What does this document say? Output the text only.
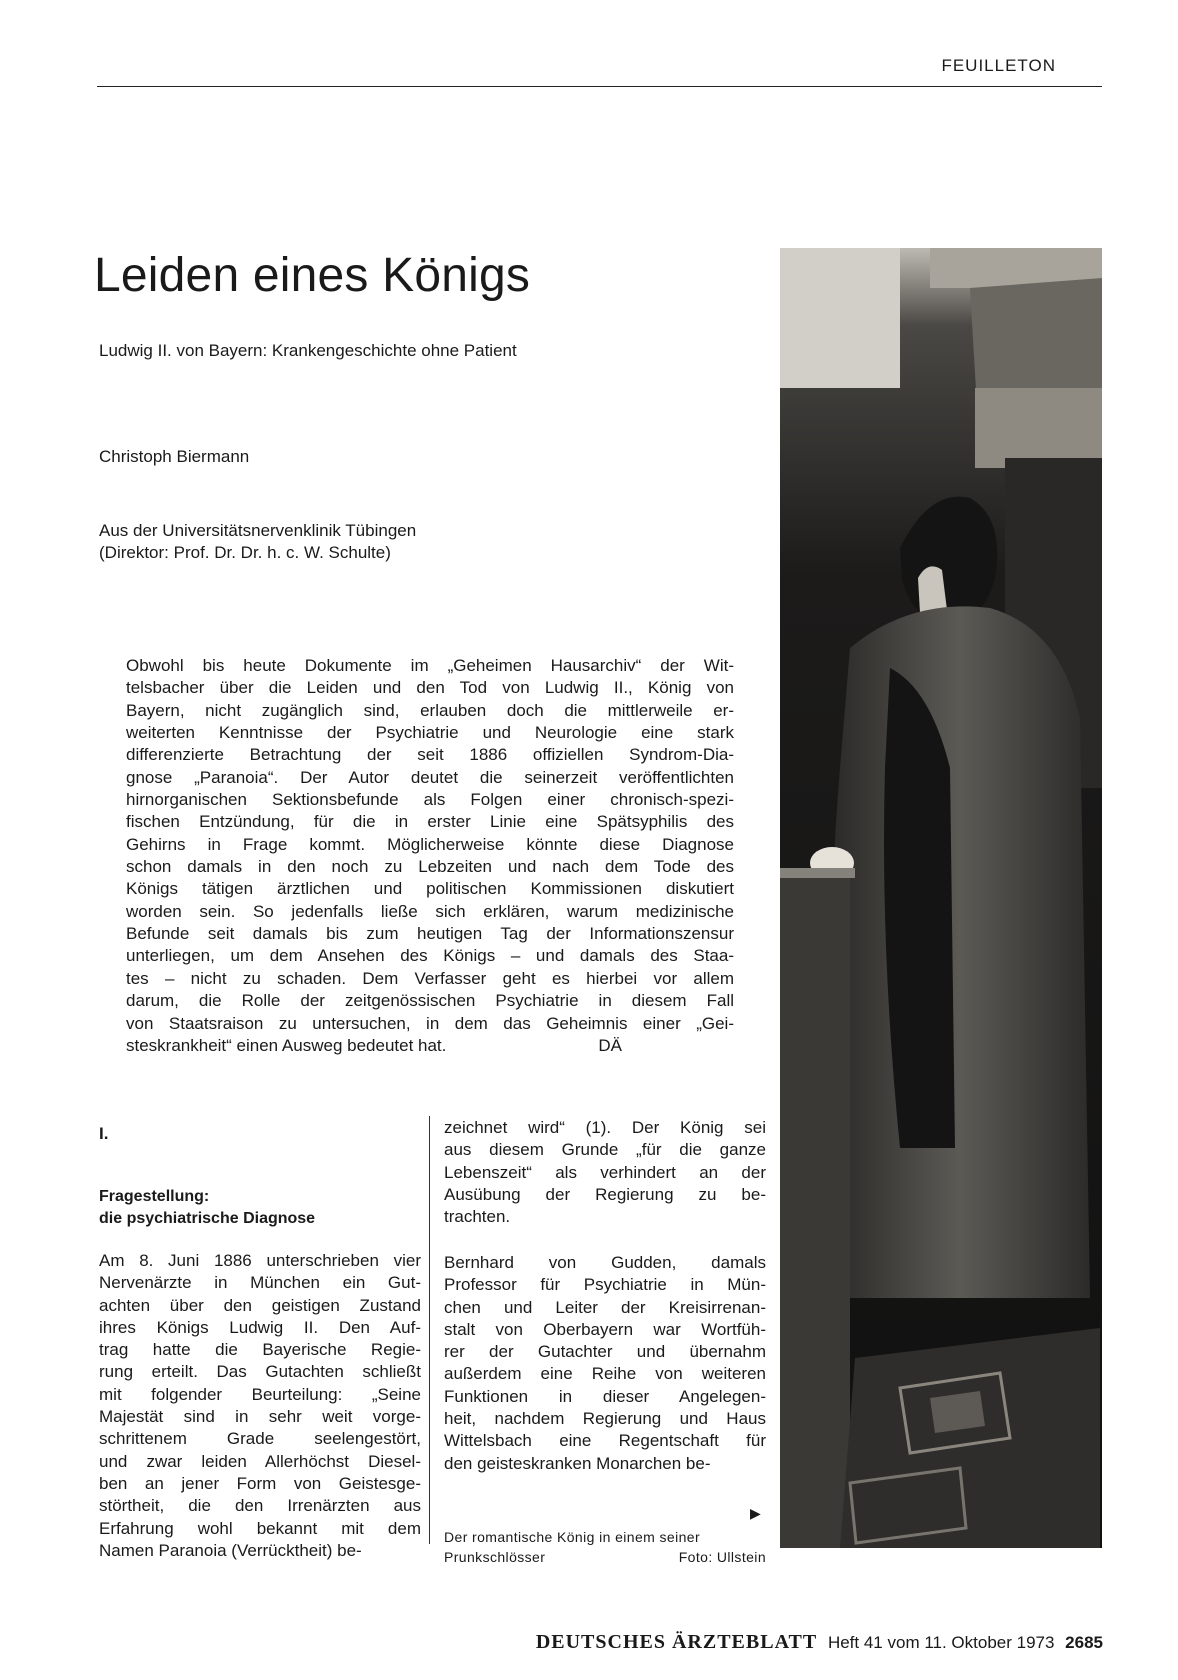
FEUILLETON
Leiden eines Königs
Ludwig II. von Bayern: Krankengeschichte ohne Patient
Christoph Biermann
Aus der Universitätsnervenklinik Tübingen
(Direktor: Prof. Dr. Dr. h. c. W. Schulte)
Obwohl bis heute Dokumente im „Geheimen Hausarchiv“ der Wit-
telsbacher über die Leiden und den Tod von Ludwig II., König von
Bayern, nicht zugänglich sind, erlauben doch die mittlerweile er-
weiterten Kenntnisse der Psychiatrie und Neurologie eine stark
differenzierte Betrachtung der seit 1886 offiziellen Syndrom-Dia-
gnose „Paranoia“. Der Autor deutet die seinerzeit veröffentlichten
hirnorganischen Sektionsbefunde als Folgen einer chronisch-spezi-
fischen Entzündung, für die in erster Linie eine Spätsyphilis des
Gehirns in Frage kommt. Möglicherweise könnte diese Diagnose
schon damals in den noch zu Lebzeiten und nach dem Tode des
Königs tätigen ärztlichen und politischen Kommissionen diskutiert
worden sein. So jedenfalls ließe sich erklären, warum medizinische
Befunde seit damals bis zum heutigen Tag der Informationszensur
unterliegen, um dem Ansehen des Königs – und damals des Staa-
tes – nicht zu schaden. Dem Verfasser geht es hierbei vor allem
darum, die Rolle der zeitgenössischen Psychiatrie in diesem Fall
von Staatsraison zu untersuchen, in dem das Geheimnis einer „Gei-
steskrankheit“ einen Ausweg bedeutet hat.	DÄ
I.
Fragestellung:
die psychiatrische Diagnose
Am 8. Juni 1886 unterschrieben vier
Nervenärzte in München ein Gut-
achten über den geistigen Zustand
ihres Königs Ludwig II. Den Auf-
trag hatte die Bayerische Regie-
rung erteilt. Das Gutachten schließt
mit folgender Beurteilung: „Seine
Majestät sind in sehr weit vorge-
schrittenem Grade seelengestört,
und zwar leiden Allerhöchst Diesel-
ben an jener Form von Geistesge-
störtheit, die den Irrenärzten aus
Erfahrung wohl bekannt mit dem
Namen Paranoia (Verrücktheit) be-
zeichnet wird“ (1). Der König sei
aus diesem Grunde „für die ganze
Lebenszeit“ als verhindert an der
Ausübung der Regierung zu be-
trachten.
Bernhard von Gudden, damals
Professor für Psychiatrie in Mün-
chen und Leiter der Kreisirrenan-
stalt von Oberbayern war Wortfüh-
rer der Gutachter und übernahm
außerdem eine Reihe von weiteren
Funktionen in dieser Angelegen-
heit, nachdem Regierung und Haus
Wittelsbach eine Regentschaft für
den geisteskranken Monarchen be-
▶
Der romantische König in einem seiner
Prunkschlösser	Foto: Ullstein
DEUTSCHES ÄRZTEBLATT Heft 41 vom 11. Oktober 1973 2685
